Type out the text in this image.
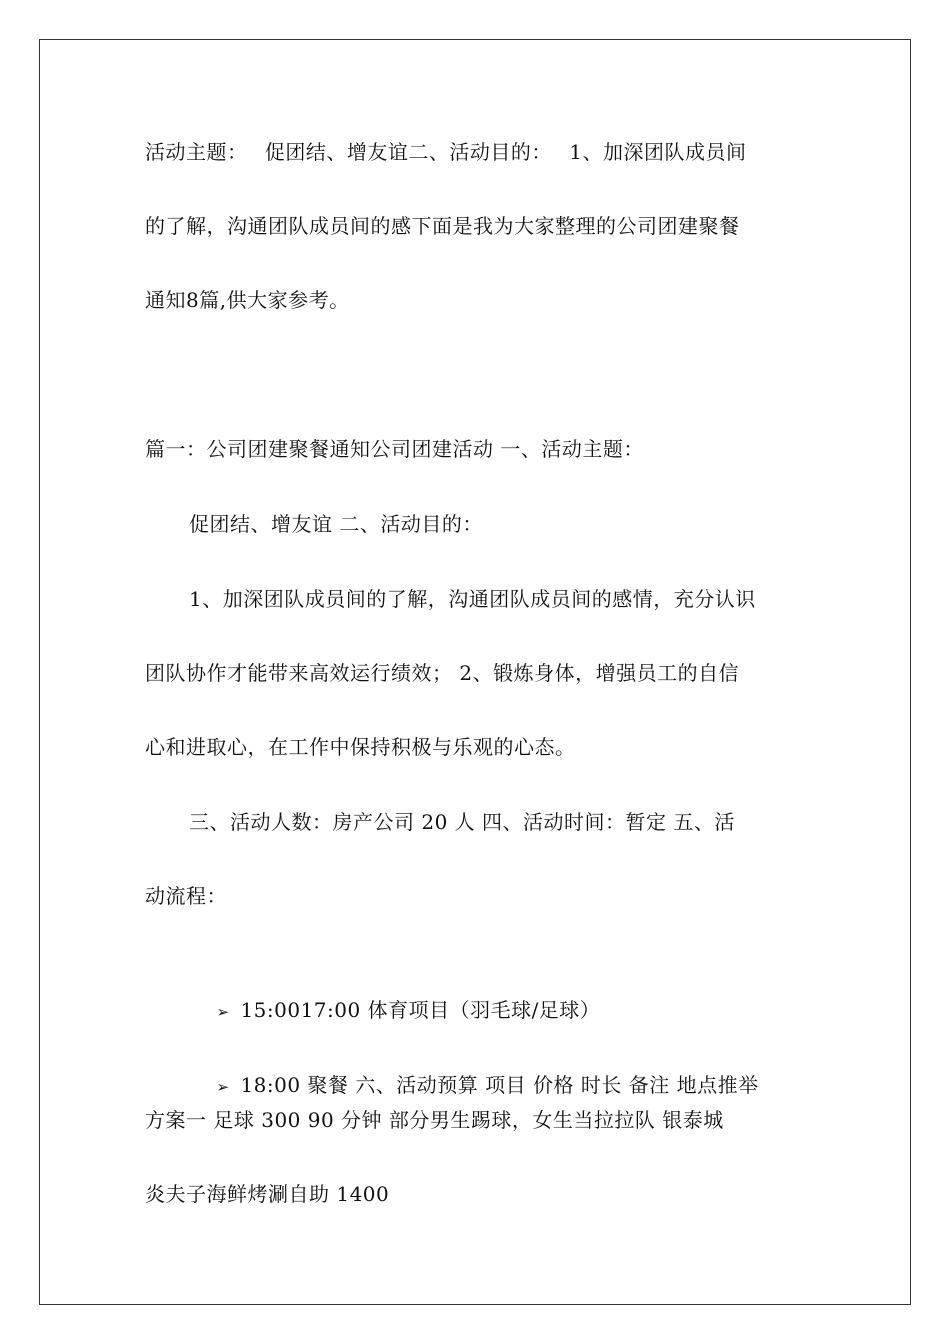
活动主题：　 促团结、增友谊二、活动目的：　 1、加深团队成员间
的了解，沟通团队成员间的感下面是我为大家整理的公司团建聚餐
通知8篇,供大家参考。
篇一：公司团建聚餐通知公司团建活动 一、活动主题：
促团结、增友谊 二、活动目的：
1、加深团队成员间的了解，沟通团队成员间的感情，充分认识
团队协作才能带来高效运行绩效； 2、锻炼身体，增强员工的自信
心和进取心，在工作中保持积极与乐观的心态。
三、活动人数：房产公司 20 人 四、活动时间：暂定 五、活
动流程：

➢ 15:0017:00 体育项目（羽毛球/足球）

➢ 18:00 聚餐 六、活动预算 项目 价格 时长 备注 地点推举

方案一 足球 300 90 分钟 部分男生踢球，女生当拉拉队 银泰城
炎夫子海鲜烤涮自助 1400
